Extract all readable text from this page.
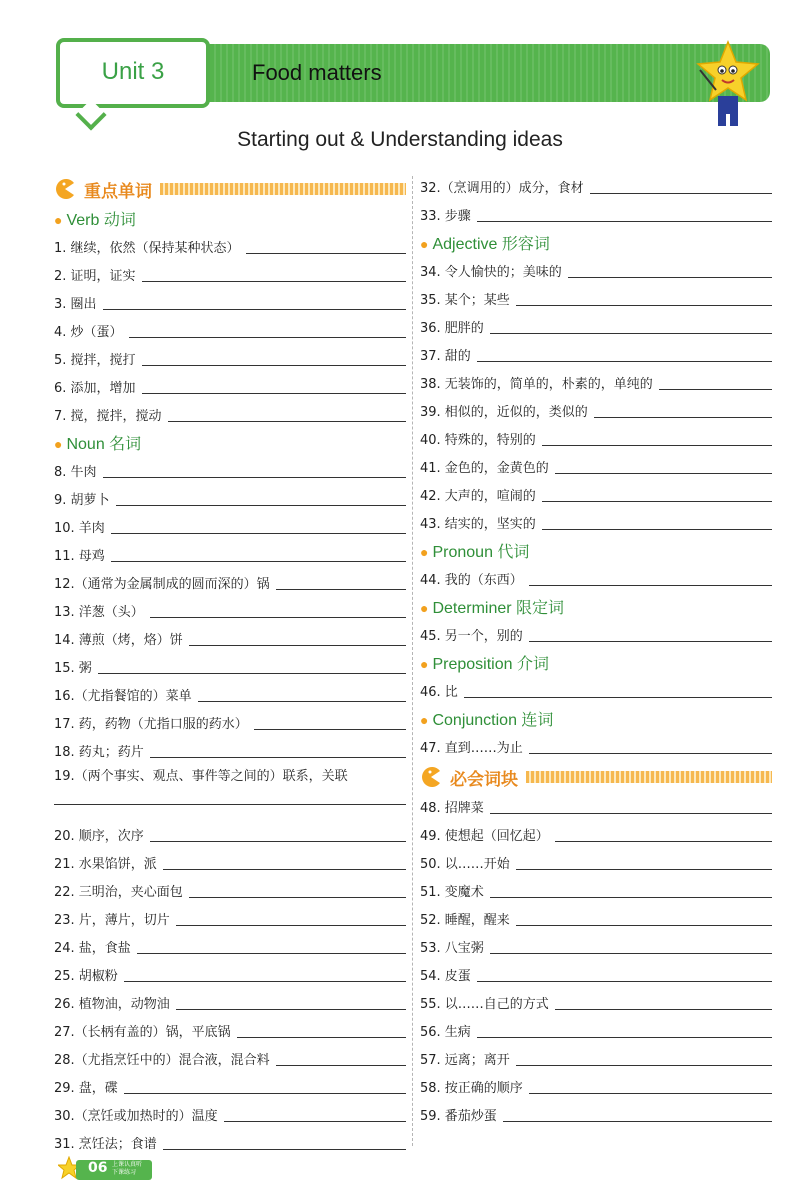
Unit 3	Food matters
Starting out & Understanding ideas
重点单词
● Verb 动词
1. 继续，依然（保持某种状态）
2. 证明，证实
3. 圈出
4. 炒（蛋）
5. 搅拌，搅打
6. 添加，增加
7. 搅，搅拌，搅动
● Noun 名词
8. 牛肉
9. 胡萝卜
10. 羊肉
11. 母鸡
12.（通常为金属制成的圆而深的）锅
13. 洋葱（头）
14. 薄煎（烤，烙）饼
15. 粥
16.（尤指餐馆的）菜单
17. 药，药物（尤指口服的药水）
18. 药丸；药片
19.（两个事实、观点、事件等之间的）联系，关联
20. 顺序，次序
21. 水果馅饼，派
22. 三明治，夹心面包
23. 片，薄片，切片
24. 盐，食盐
25. 胡椒粉
26. 植物油，动物油
27.（长柄有盖的）锅，平底锅
28.（尤指烹饪中的）混合液，混合料
29. 盘，碟
30.（烹饪或加热时的）温度
31. 烹饪法；食谱
32.（烹调用的）成分，食材
33. 步骤
● Adjective 形容词
34. 令人愉快的；美味的
35. 某个；某些
36. 肥胖的
37. 甜的
38. 无装饰的，简单的，朴素的，单纯的
39. 相似的，近似的，类似的
40. 特殊的，特别的
41. 金色的，金黄色的
42. 大声的，喧闹的
43. 结实的，坚实的
● Pronoun 代词
44. 我的（东西）
● Determiner 限定词
45. 另一个，别的
● Preposition 介词
46. 比
● Conjunction 连词
47. 直到……为止
必会词块
48. 招牌菜
49. 使想起（回忆起）
50. 以……开始
51. 变魔术
52. 睡醒，醒来
53. 八宝粥
54. 皮蛋
55. 以……自己的方式
56. 生病
57. 远离；离开
58. 按正确的顺序
59. 番茄炒蛋
06 上课认真听
下课练习
